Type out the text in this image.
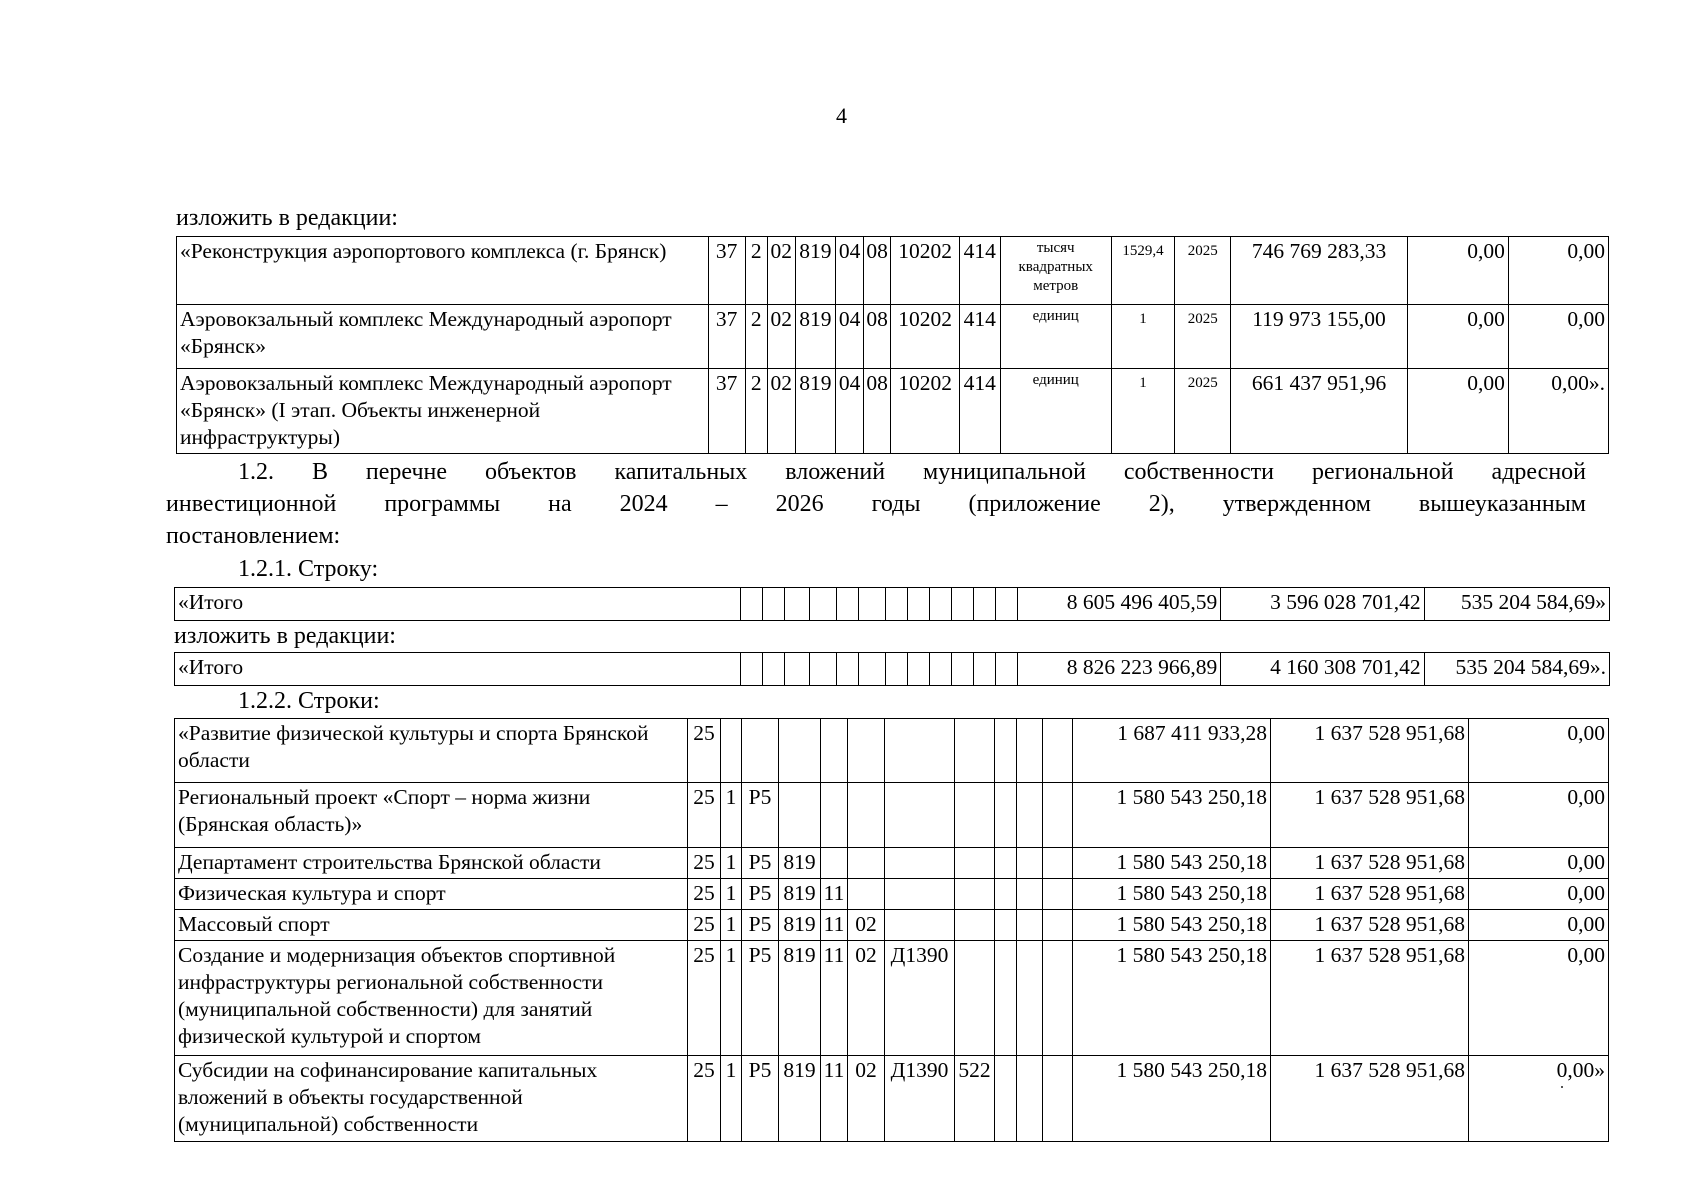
4
изложить в редакции:
«Реконструкция аэропортового комплекса (г. Брянск)	37	2	02	819	04	08	10202	414	тысяч квадратных метров	1529,4	2025	746 769 283,33	0,00	0,00
Аэровокзальный комплекс Международный аэропорт «Брянск»	37	2	02	819	04	08	10202	414	единиц	1	2025	119 973 155,00	0,00	0,00
Аэровокзальный комплекс Международный аэропорт «Брянск» (I этап. Объекты инженерной инфраструктуры)	37	2	02	819	04	08	10202	414	единиц	1	2025	661 437 951,96	0,00	0,00».
1.2. В перечне объектов капитальных вложений муниципальной собственности региональной адресной
инвестиционной программы на 2024 – 2026 годы (приложение 2), утвержденном вышеуказанным
постановлением:
1.2.1. Строку:
«Итого													8 605 496 405,59	3 596 028 701,42	535 204 584,69»
изложить в редакции:
«Итого													8 826 223 966,89	4 160 308 701,42	535 204 584,69».
1.2.2. Строки:
«Развитие физической культуры и спорта Брянской области	25											1 687 411 933,28	1 637 528 951,68	0,00
Региональный проект «Спорт – норма жизни (Брянская область)»	25	1	Р5									1 580 543 250,18	1 637 528 951,68	0,00
Департамент строительства Брянской области	25	1	Р5	819								1 580 543 250,18	1 637 528 951,68	0,00
Физическая культура и спорт	25	1	Р5	819	11							1 580 543 250,18	1 637 528 951,68	0,00
Массовый спорт	25	1	Р5	819	11	02						1 580 543 250,18	1 637 528 951,68	0,00
Создание и модернизация объектов спортивной инфраструктуры региональной собственности (муниципальной собственности) для занятий физической культурой и спортом	25	1	Р5	819	11	02	Д1390					1 580 543 250,18	1 637 528 951,68	0,00
Субсидии на софинансирование капитальных вложений в объекты государственной (муниципальной) собственности	25	1	Р5	819	11	02	Д1390	522				1 580 543 250,18	1 637 528 951,68	0,00»
